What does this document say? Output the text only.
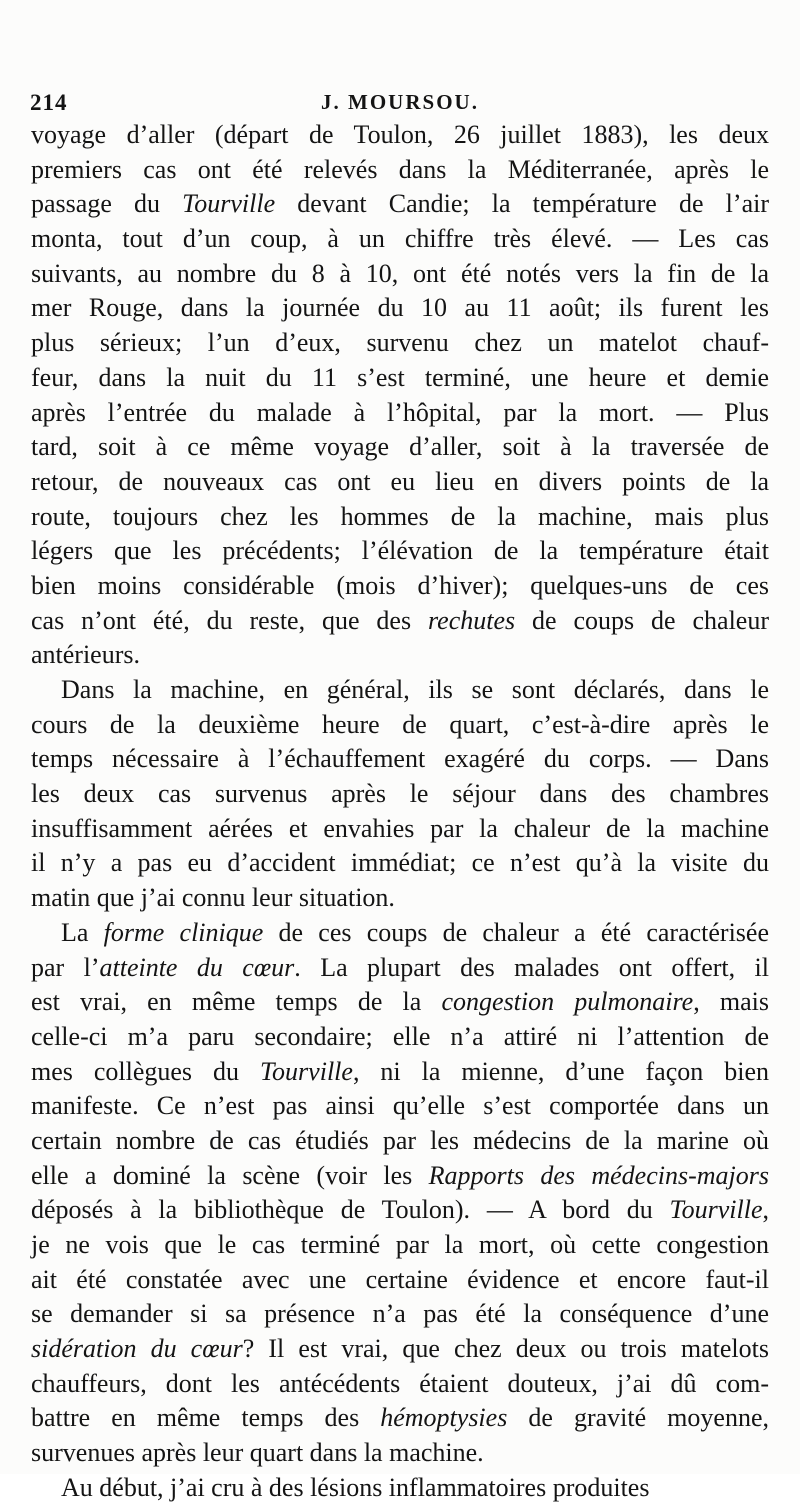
214	J. MOURSOU.
voyage d’aller (départ de Toulon, 26 juillet 1883), les deux
premiers cas ont été relevés dans la Méditerranée, après le
passage du Tourville devant Candie; la température de l’air
monta, tout d’un coup, à un chiffre très élevé. — Les cas
suivants, au nombre du 8 à 10, ont été notés vers la fin de la
mer Rouge, dans la journée du 10 au 11 août; ils furent les
plus sérieux; l’un d’eux, survenu chez un matelot chauf-
feur, dans la nuit du 11 s’est terminé, une heure et demie
après l’entrée du malade à l’hôpital, par la mort. — Plus
tard, soit à ce même voyage d’aller, soit à la traversée de
retour, de nouveaux cas ont eu lieu en divers points de la
route, toujours chez les hommes de la machine, mais plus
légers que les précédents; l’élévation de la température était
bien moins considérable (mois d’hiver); quelques-uns de ces
cas n’ont été, du reste, que des rechutes de coups de chaleur
antérieurs.
Dans la machine, en général, ils se sont déclarés, dans le
cours de la deuxième heure de quart, c’est-à-dire après le
temps nécessaire à l’échauffement exagéré du corps. — Dans
les deux cas survenus après le séjour dans des chambres
insuffisamment aérées et envahies par la chaleur de la machine
il n’y a pas eu d’accident immédiat; ce n’est qu’à la visite du
matin que j’ai connu leur situation.
La forme clinique de ces coups de chaleur a été caractérisée
par l’atteinte du cœur. La plupart des malades ont offert, il
est vrai, en même temps de la congestion pulmonaire, mais
celle-ci m’a paru secondaire; elle n’a attiré ni l’attention de
mes collègues du Tourville, ni la mienne, d’une façon bien
manifeste. Ce n’est pas ainsi qu’elle s’est comportée dans un
certain nombre de cas étudiés par les médecins de la marine où
elle a dominé la scène (voir les Rapports des médecins-majors
déposés à la bibliothèque de Toulon). — A bord du Tourville,
je ne vois que le cas terminé par la mort, où cette congestion
ait été constatée avec une certaine évidence et encore faut-il
se demander si sa présence n’a pas été la conséquence d’une
sidération du cœur? Il est vrai, que chez deux ou trois matelots
chauffeurs, dont les antécédents étaient douteux, j’ai dû com-
battre en même temps des hémoptysies de gravité moyenne,
survenues après leur quart dans la machine.
Au début, j’ai cru à des lésions inflammatoires produites
